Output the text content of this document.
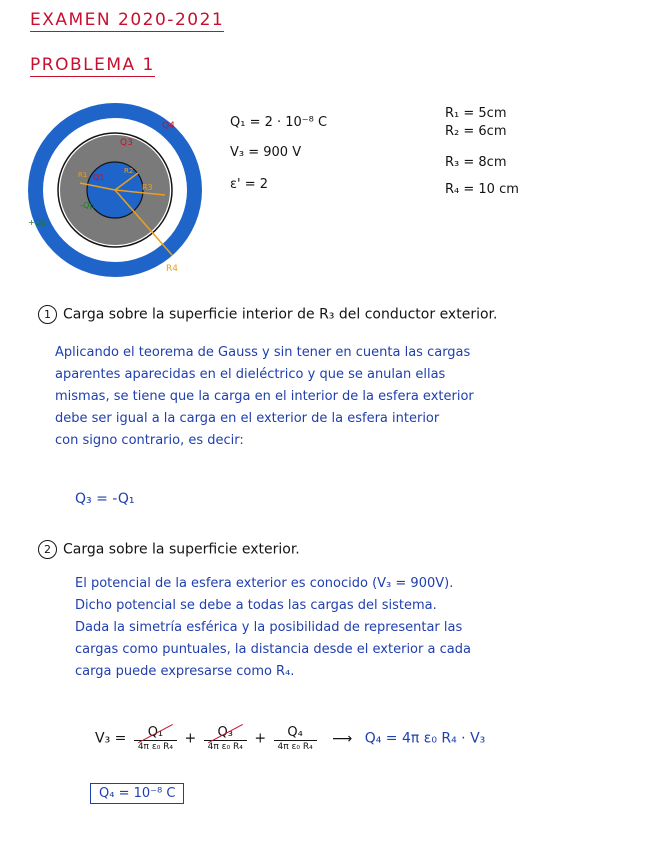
EXAMEN 2020-2021
PROBLEMA 1
Q4
Q3
Q1
-Qp
+Qp
R1	R2
R3
R4
Q₁ = 2 · 10⁻⁸ C
V₃ = 900 V
ε' = 2
R₁ = 5cm
R₂ = 6cm
R₃ = 8cm
R₄ = 10 cm
1 Carga sobre la superficie interior de R₃ del conductor exterior.
Aplicando el teorema de Gauss y sin tener en cuenta las cargas
aparentes aparecidas en el dieléctrico y que se anulan ellas
mismas, se tiene que la carga en el interior de la esfera exterior
debe ser igual a la carga en el exterior de la esfera interior
con signo contrario, es decir:
Q₃ = -Q₁
2 Carga sobre la superficie exterior.
El potencial de la esfera exterior es conocido (V₃ = 900V).
Dicho potencial se debe a todas las cargas del sistema.
Dada la simetría esférica y la posibilidad de representar las
cargas como puntuales, la distancia desde el exterior a cada
carga puede expresarse como R₄.
$V_3 = \frac{\text{Q₁}}{\text{4π ε₀ R₄}} + \frac{\text{Q₃}}{\text{4π ε₀ R₄}} + \frac{\text{Q₄}}{\text{4π ε₀ R₄}}$ ⟶ Q₄ = 4π ε₀ R₄ · V₃
Q₄ = 10⁻⁸ C
